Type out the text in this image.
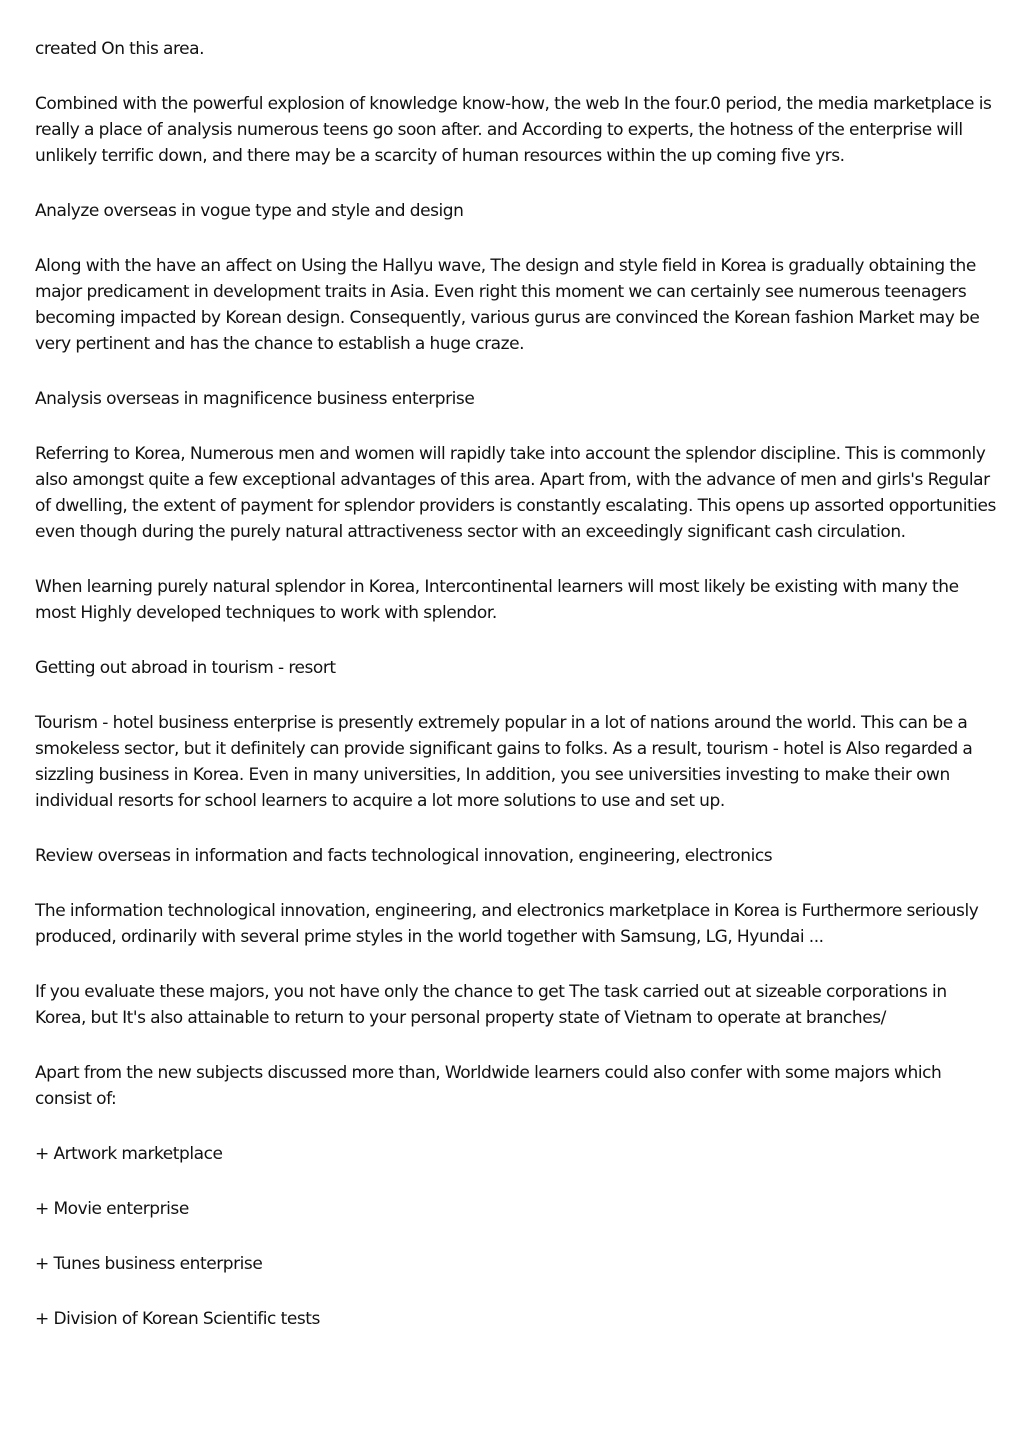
created On this area.

Combined with the powerful explosion of knowledge know-how, the web In the four.0 period, the media marketplace is really a place of analysis numerous teens go soon after. and According to experts, the hotness of the enterprise will unlikely terrific down, and there may be a scarcity of human resources within the up coming five yrs.

Analyze overseas in vogue type and style and design

Along with the have an affect on Using the Hallyu wave, The design and style field in Korea is gradually obtaining the major predicament in development traits in Asia. Even right this moment we can certainly see numerous teenagers becoming impacted by Korean design. Consequently, various gurus are convinced the Korean fashion Market may be very pertinent and has the chance to establish a huge craze.

Analysis overseas in magnificence business enterprise

Referring to Korea, Numerous men and women will rapidly take into account the splendor discipline. This is commonly also amongst quite a few exceptional advantages of this area. Apart from, with the advance of men and girls's Regular of dwelling, the extent of payment for splendor providers is constantly escalating. This opens up assorted opportunities even though during the purely natural attractiveness sector with an exceedingly significant cash circulation.

When learning purely natural splendor in Korea, Intercontinental learners will most likely be existing with many the most Highly developed techniques to work with splendor.

Getting out abroad in tourism - resort

Tourism - hotel business enterprise is presently extremely popular in a lot of nations around the world. This can be a smokeless sector, but it definitely can provide significant gains to folks. As a result, tourism - hotel is Also regarded a sizzling business in Korea. Even in many universities, In addition, you see universities investing to make their own individual resorts for school learners to acquire a lot more solutions to use and set up.

Review overseas in information and facts technological innovation, engineering, electronics

The information technological innovation, engineering, and electronics marketplace in Korea is Furthermore seriously produced, ordinarily with several prime styles in the world together with Samsung, LG, Hyundai ...

If you evaluate these majors, you not have only the chance to get The task carried out at sizeable corporations in Korea, but It's also attainable to return to your personal property state of Vietnam to operate at branches/

Apart from the new subjects discussed more than, Worldwide learners could also confer with some majors which consist of:

+ Artwork marketplace

+ Movie enterprise

+ Tunes business enterprise

+ Division of Korean Scientific tests
